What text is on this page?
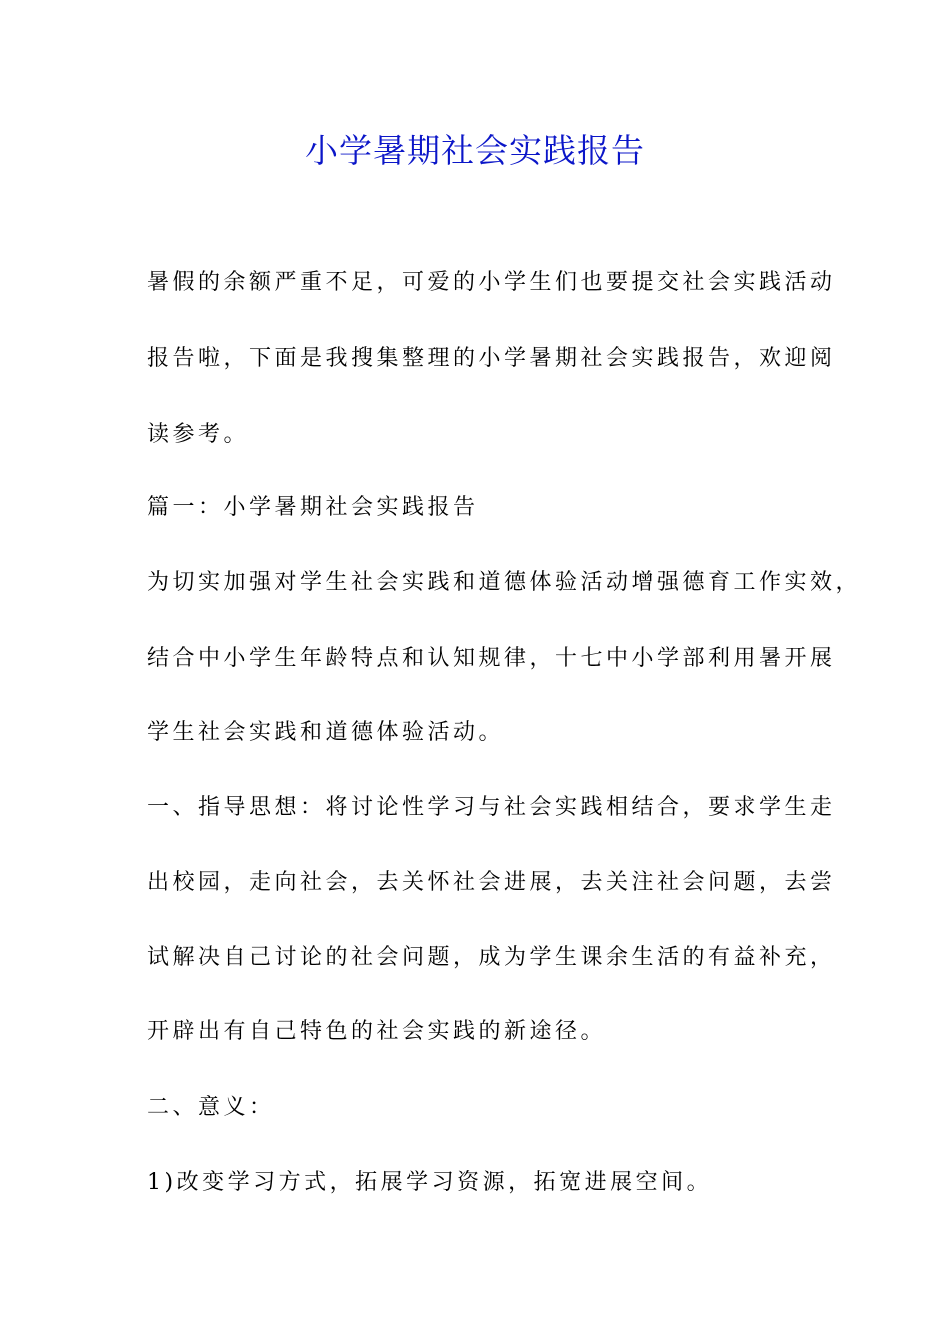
小学暑期社会实践报告
暑假的余额严重不足，可爱的小学生们也要提交社会实践活动
报告啦，下面是我搜集整理的小学暑期社会实践报告，欢迎阅
读参考。
篇一：小学暑期社会实践报告
为切实加强对学生社会实践和道德体验活动增强德育工作实效，
结合中小学生年龄特点和认知规律，十七中小学部利用暑开展
学生社会实践和道德体验活动。
一、指导思想：将讨论性学习与社会实践相结合，要求学生走
出校园，走向社会，去关怀社会进展，去关注社会问题，去尝
试解决自己讨论的社会问题，成为学生课余生活的有益补充，
开辟出有自己特色的社会实践的新途径。
二、意义：
1)改变学习方式，拓展学习资源，拓宽进展空间。
